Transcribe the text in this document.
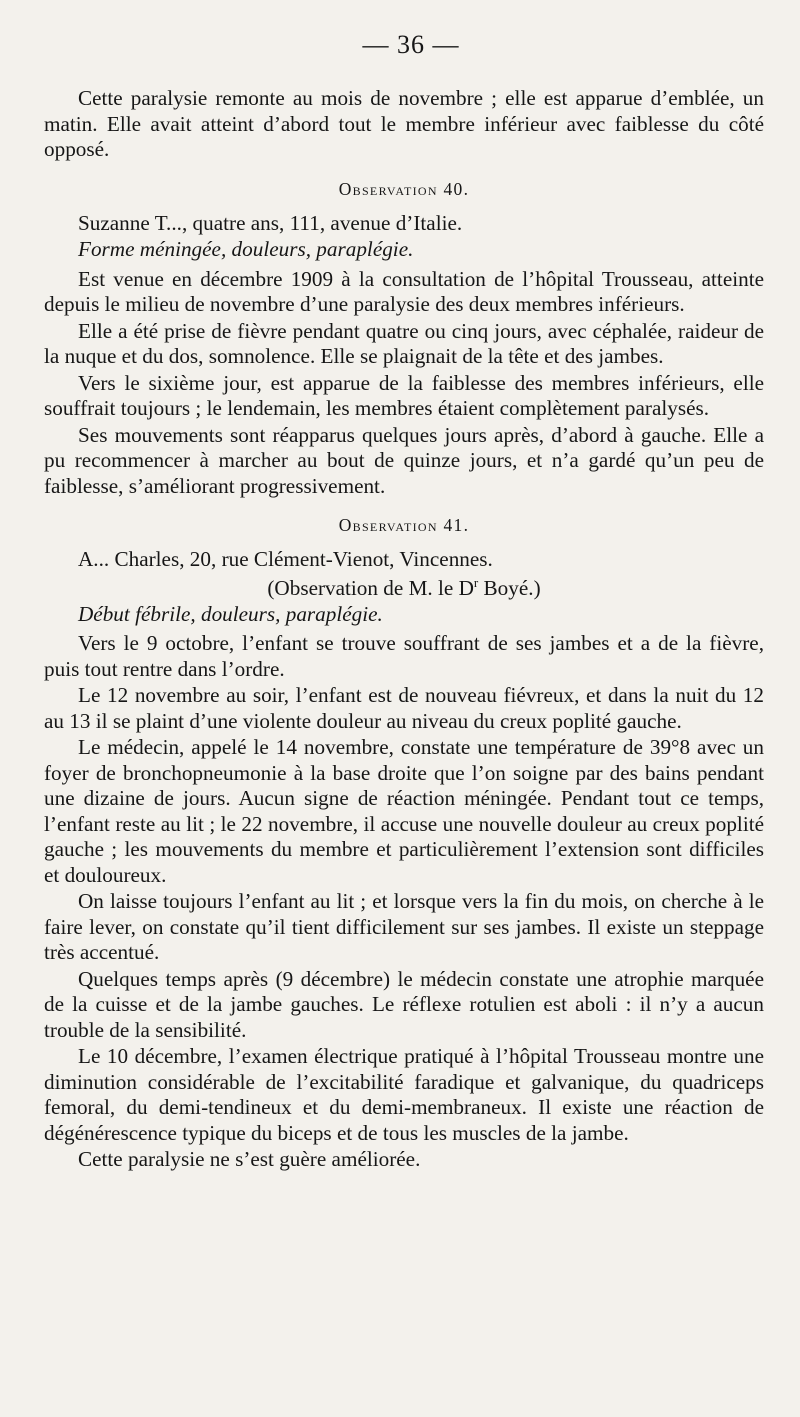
— 36 —

Cette paralysie remonte au mois de novembre ; elle est apparue d’emblée, un matin. Elle avait atteint d’abord tout le membre inférieur avec faiblesse du côté opposé.

Observation 40.

Suzanne T..., quatre ans, 111, avenue d’Italie.

Forme méningée, douleurs, paraplégie.

Est venue en décembre 1909 à la consultation de l’hôpital Trousseau, atteinte depuis le milieu de novembre d’une paralysie des deux membres inférieurs.

Elle a été prise de fièvre pendant quatre ou cinq jours, avec céphalée, raideur de la nuque et du dos, somnolence. Elle se plaignait de la tête et des jambes.

Vers le sixième jour, est apparue de la faiblesse des membres inférieurs, elle souffrait toujours ; le lendemain, les membres étaient complètement paralysés.

Ses mouvements sont réapparus quelques jours après, d’abord à gauche. Elle a pu recommencer à marcher au bout de quinze jours, et n’a gardé qu’un peu de faiblesse, s’améliorant progressivement.

Observation 41.

A... Charles, 20, rue Clément-Vienot, Vincennes.

(Observation de M. le $D^r$ Boyé.)

Début fébrile, douleurs, paraplégie.

Vers le 9 octobre, l’enfant se trouve souffrant de ses jambes et a de la fièvre, puis tout rentre dans l’ordre.

Le 12 novembre au soir, l’enfant est de nouveau fiévreux, et dans la nuit du 12 au 13 il se plaint d’une violente douleur au niveau du creux poplité gauche.

Le médecin, appelé le 14 novembre, constate une température de 39°8 avec un foyer de bronchopneumonie à la base droite que l’on soigne par des bains pendant une dizaine de jours. Aucun signe de réaction méningée. Pendant tout ce temps, l’enfant reste au lit ; le 22 novembre, il accuse une nouvelle douleur au creux poplité gauche ; les mouvements du membre et particulièrement l’extension sont difficiles et douloureux.

On laisse toujours l’enfant au lit ; et lorsque vers la fin du mois, on cherche à le faire lever, on constate qu’il tient difficilement sur ses jambes. Il existe un steppage très accentué.

Quelques temps après (9 décembre) le médecin constate une atrophie marquée de la cuisse et de la jambe gauches. Le réflexe rotulien est aboli : il n’y a aucun trouble de la sensibilité.

Le 10 décembre, l’examen électrique pratiqué à l’hôpital Trousseau montre une diminution considérable de l’excitabilité faradique et galvanique, du quadriceps femoral, du demi-tendineux et du demi-membraneux. Il existe une réaction de dégénérescence typique du biceps et de tous les muscles de la jambe.

Cette paralysie ne s’est guère améliorée.
